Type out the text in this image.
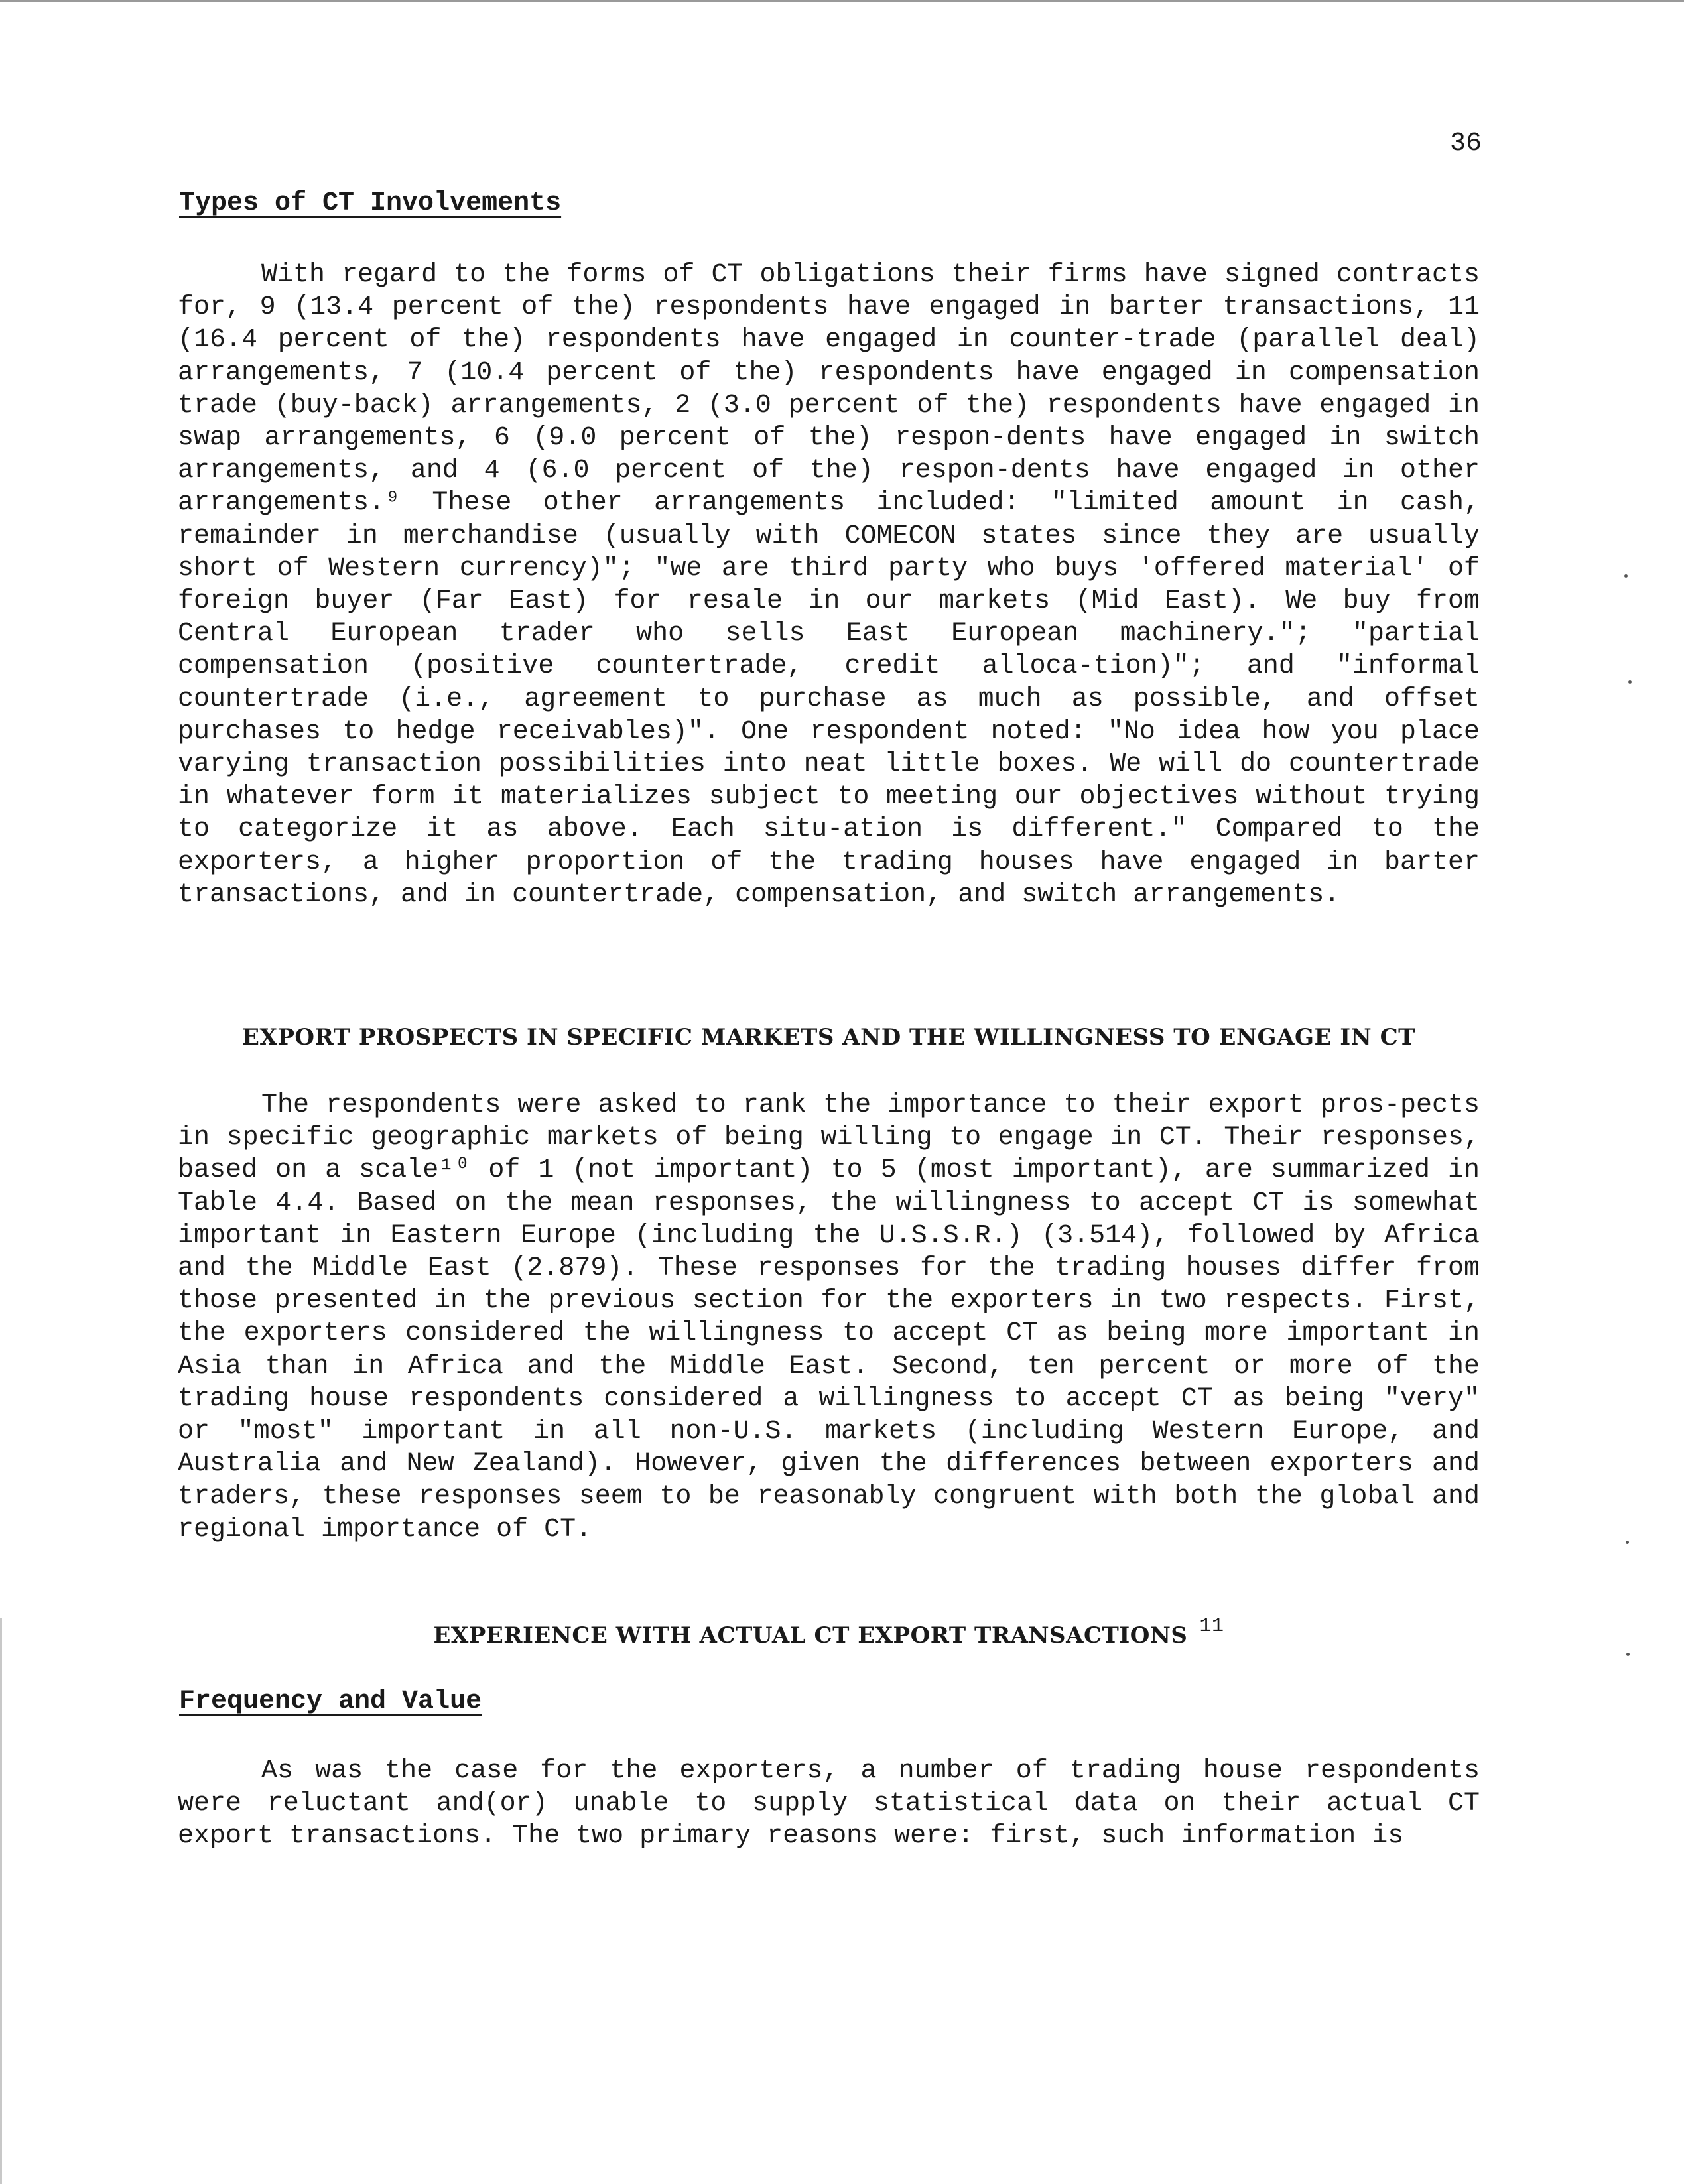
36
Types of CT Involvements

With regard to the forms of CT obligations their firms have signed contracts for, 9 (13.4 percent of the) respondents have engaged in barter transactions, 11 (16.4 percent of the) respondents have engaged in counter-trade (parallel deal) arrangements, 7 (10.4 percent of the) respondents have engaged in compensation trade (buy-back) arrangements, 2 (3.0 percent of the) respondents have engaged in swap arrangements, 6 (9.0 percent of the) respon-dents have engaged in switch arrangements, and 4 (6.0 percent of the) respon-dents have engaged in other arrangements.⁹ These other arrangements included: "limited amount in cash, remainder in merchandise (usually with COMECON states since they are usually short of Western currency)"; "we are third party who buys 'offered material' of foreign buyer (Far East) for resale in our markets (Mid East). We buy from Central European trader who sells East European machinery."; "partial compensation (positive countertrade, credit alloca-tion)"; and "informal countertrade (i.e., agreement to purchase as much as possible, and offset purchases to hedge receivables)". One respondent noted: "No idea how you place varying transaction possibilities into neat little boxes. We will do countertrade in whatever form it materializes subject to meeting our objectives without trying to categorize it as above. Each situ-ation is different." Compared to the exporters, a higher proportion of the trading houses have engaged in barter transactions, and in countertrade, compensation, and switch arrangements.

EXPORT PROSPECTS IN SPECIFIC MARKETS AND THE WILLINGNESS TO ENGAGE IN CT

The respondents were asked to rank the importance to their export pros-pects in specific geographic markets of being willing to engage in CT. Their responses, based on a scale¹⁰ of 1 (not important) to 5 (most important), are summarized in Table 4.4. Based on the mean responses, the willingness to accept CT is somewhat important in Eastern Europe (including the U.S.S.R.) (3.514), followed by Africa and the Middle East (2.879). These responses for the trading houses differ from those presented in the previous section for the exporters in two respects. First, the exporters considered the willingness to accept CT as being more important in Asia than in Africa and the Middle East. Second, ten percent or more of the trading house respondents considered a willingness to accept CT as being "very" or "most" important in all non-U.S. markets (including Western Europe, and Australia and New Zealand). However, given the differences between exporters and traders, these responses seem to be reasonably congruent with both the global and regional importance of CT.

EXPERIENCE WITH ACTUAL CT EXPORT TRANSACTIONS 11
Frequency and Value

As was the case for the exporters, a number of trading house respondents were reluctant and(or) unable to supply statistical data on their actual CT export transactions. The two primary reasons were: first, such information is
